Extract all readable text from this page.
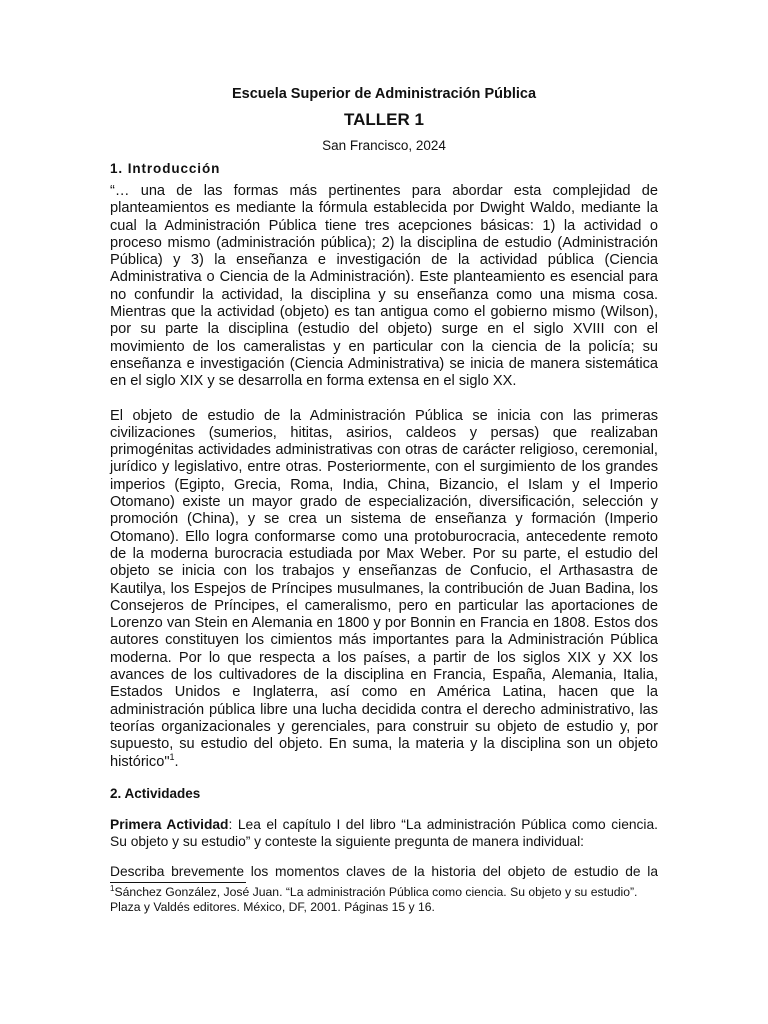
Escuela Superior de Administración Pública

TALLER 1

San Francisco, 2024

1. Introducción

“… una de las formas más pertinentes para abordar esta complejidad de planteamientos es mediante la fórmula establecida por Dwight Waldo, mediante la cual la Administración Pública tiene tres acepciones básicas: 1) la actividad o proceso mismo (administración pública); 2) la disciplina de estudio (Administración Pública) y 3) la enseñanza e investigación de la actividad pública (Ciencia Administrativa o Ciencia de la Administración). Este planteamiento es esencial para no confundir la actividad, la disciplina y su enseñanza como una misma cosa. Mientras que la actividad (objeto) es tan antigua como el gobierno mismo (Wilson), por su parte la disciplina (estudio del objeto) surge en el siglo XVIII con el movimiento de los cameralistas y en particular con la ciencia de la policía; su enseñanza e investigación (Ciencia Administrativa) se inicia de manera sistemática en el siglo XIX y se desarrolla en forma extensa en el siglo XX.

El objeto de estudio de la Administración Pública se inicia con las primeras civilizaciones (sumerios, hititas, asirios, caldeos y persas) que realizaban primogénitas actividades administrativas con otras de carácter religioso, ceremonial, jurídico y legislativo, entre otras. Posteriormente, con el surgimiento de los grandes imperios (Egipto, Grecia, Roma, India, China, Bizancio, el Islam y el Imperio Otomano) existe un mayor grado de especialización, diversificación, selección y promoción (China), y se crea un sistema de enseñanza y formación (Imperio Otomano). Ello logra conformarse como una protoburocracia, antecedente remoto de la moderna burocracia estudiada por Max Weber. Por su parte, el estudio del objeto se inicia con los trabajos y enseñanzas de Confucio, el Arthasastra de Kautilya, los Espejos de Príncipes musulmanes, la contribución de Juan Badina, los Consejeros de Príncipes, el cameralismo, pero en particular las aportaciones de Lorenzo van Stein en Alemania en 1800 y por Bonnin en Francia en 1808. Estos dos autores constituyen los cimientos más importantes para la Administración Pública moderna. Por lo que respecta a los países, a partir de los siglos XIX y XX los avances de los cultivadores de la disciplina en Francia, España, Alemania, Italia, Estados Unidos e Inglaterra, así como en América Latina, hacen que la administración pública libre una lucha decidida contra el derecho administrativo, las teorías organizacionales y gerenciales, para construir su objeto de estudio y, por supuesto, su estudio del objeto. En suma, la materia y la disciplina son un objeto histórico"$^1$.

2. Actividades

Primera Actividad: Lea el capítulo I del libro “La administración Pública como ciencia. Su objeto y su estudio” y conteste la siguiente pregunta de manera individual:

Describa brevemente los momentos claves de la historia del objeto de estudio de la

$^1$Sánchez González, José Juan. “La administración Pública como ciencia. Su objeto y su estudio”. Plaza y Valdés editores. México, DF, 2001. Páginas 15 y 16.
